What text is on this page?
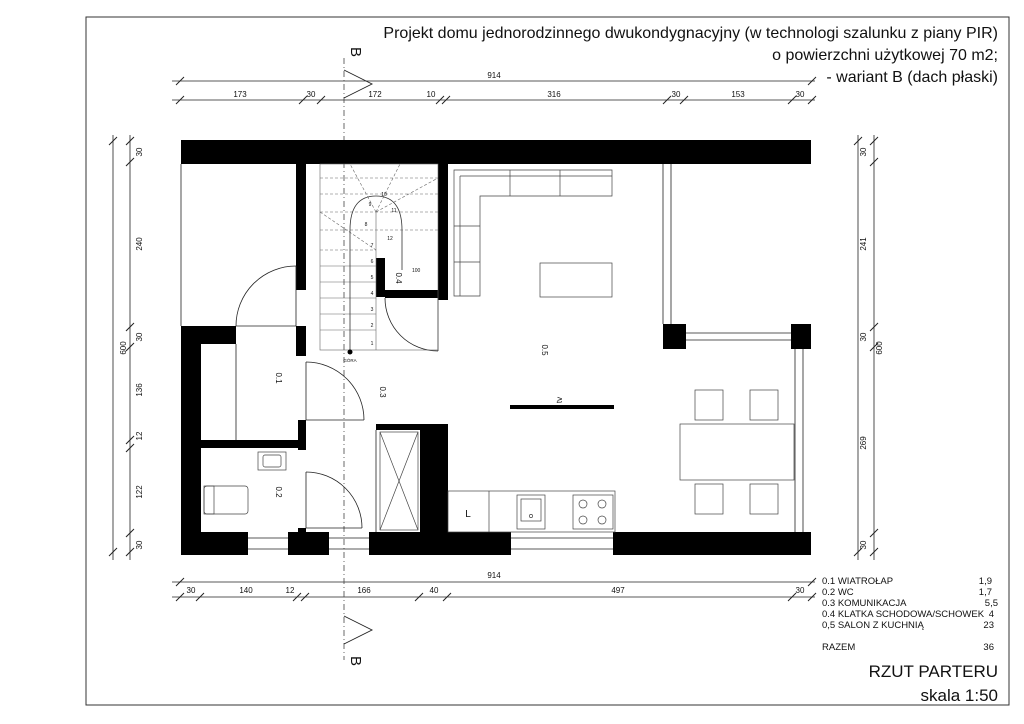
914
173	30	172	10	316	30	153	30
914
30	140	12	166	40	497	30
600
30
240
30
136
12
122
30
600
30
241
30
269
30
B
B
GÓRA
100
1
2
3
4
5
6
7
8
9
10
11
12
tv
L
0.1
0.2
0.3
0.4
0.5
Projekt domu jednorodzinnego dwukondygnacyjny (w technologi szalunku z piany PIR)
o powierzchni użytkowej 70 m2;
- wariant B (dach płaski)
0.1 WIATROŁAP	1,9
0.2 WC	1,7
0.3 KOMUNIKACJA	5,5
0.4 KLATKA SCHODOWA/SCHOWEK 4
0,5 SALON Z KUCHNIĄ	23
RAZEM	36
RZUT PARTERU
skala 1:50
